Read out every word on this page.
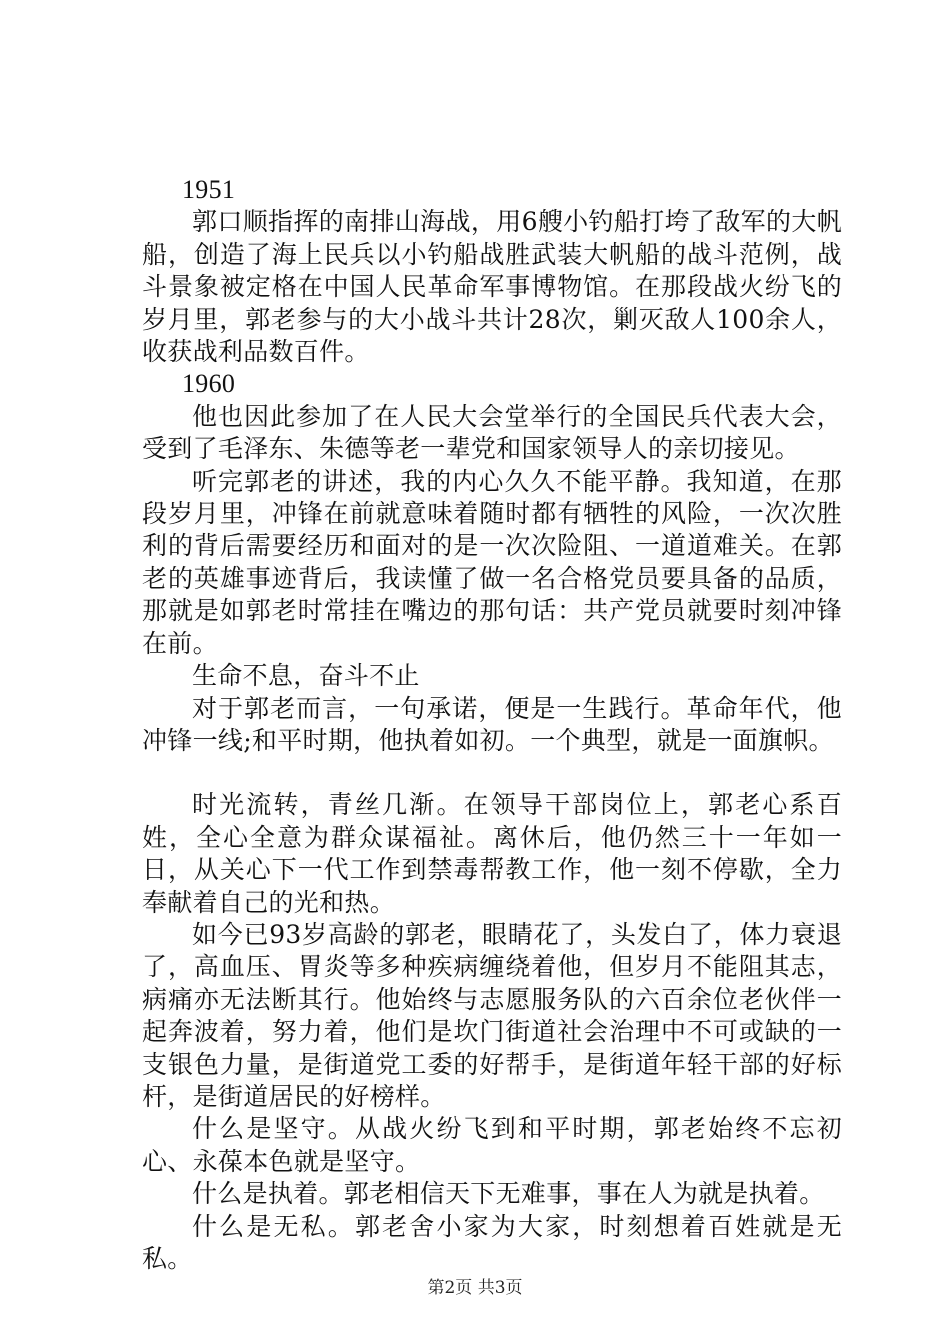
1951

郭口顺指挥的南排山海战，用6艘小钓船打垮了敌军的大帆船，创造了海上民兵以小钓船战胜武装大帆船的战斗范例，战斗景象被定格在中国人民革命军事博物馆。在那段战火纷飞的岁月里，郭老参与的大小战斗共计28次，剿灭敌人100余人，收获战利品数百件。

1960

他也因此参加了在人民大会堂举行的全国民兵代表大会，受到了毛泽东、朱德等老一辈党和国家领导人的亲切接见。

听完郭老的讲述，我的内心久久不能平静。我知道，在那段岁月里，冲锋在前就意味着随时都有牺牲的风险，一次次胜利的背后需要经历和面对的是一次次险阻、一道道难关。在郭老的英雄事迹背后，我读懂了做一名合格党员要具备的品质，那就是如郭老时常挂在嘴边的那句话：共产党员就要时刻冲锋在前。

生命不息，奋斗不止

对于郭老而言，一句承诺，便是一生践行。革命年代，他冲锋一线;和平时期，他执着如初。一个典型，就是一面旗帜。

时光流转，青丝几渐。在领导干部岗位上，郭老心系百姓，全心全意为群众谋福祉。离休后，他仍然三十一年如一日，从关心下一代工作到禁毒帮教工作，他一刻不停歇，全力奉献着自己的光和热。

如今已93岁高龄的郭老，眼睛花了，头发白了，体力衰退了，高血压、胃炎等多种疾病缠绕着他，但岁月不能阻其志，病痛亦无法断其行。他始终与志愿服务队的六百余位老伙伴一起奔波着，努力着，他们是坎门街道社会治理中不可或缺的一支银色力量，是街道党工委的好帮手，是街道年轻干部的好标杆，是街道居民的好榜样。

什么是坚守。从战火纷飞到和平时期，郭老始终不忘初心、永葆本色就是坚守。

什么是执着。郭老相信天下无难事，事在人为就是执着。

什么是无私。郭老舍小家为大家，时刻想着百姓就是无私。

第2页 共3页
